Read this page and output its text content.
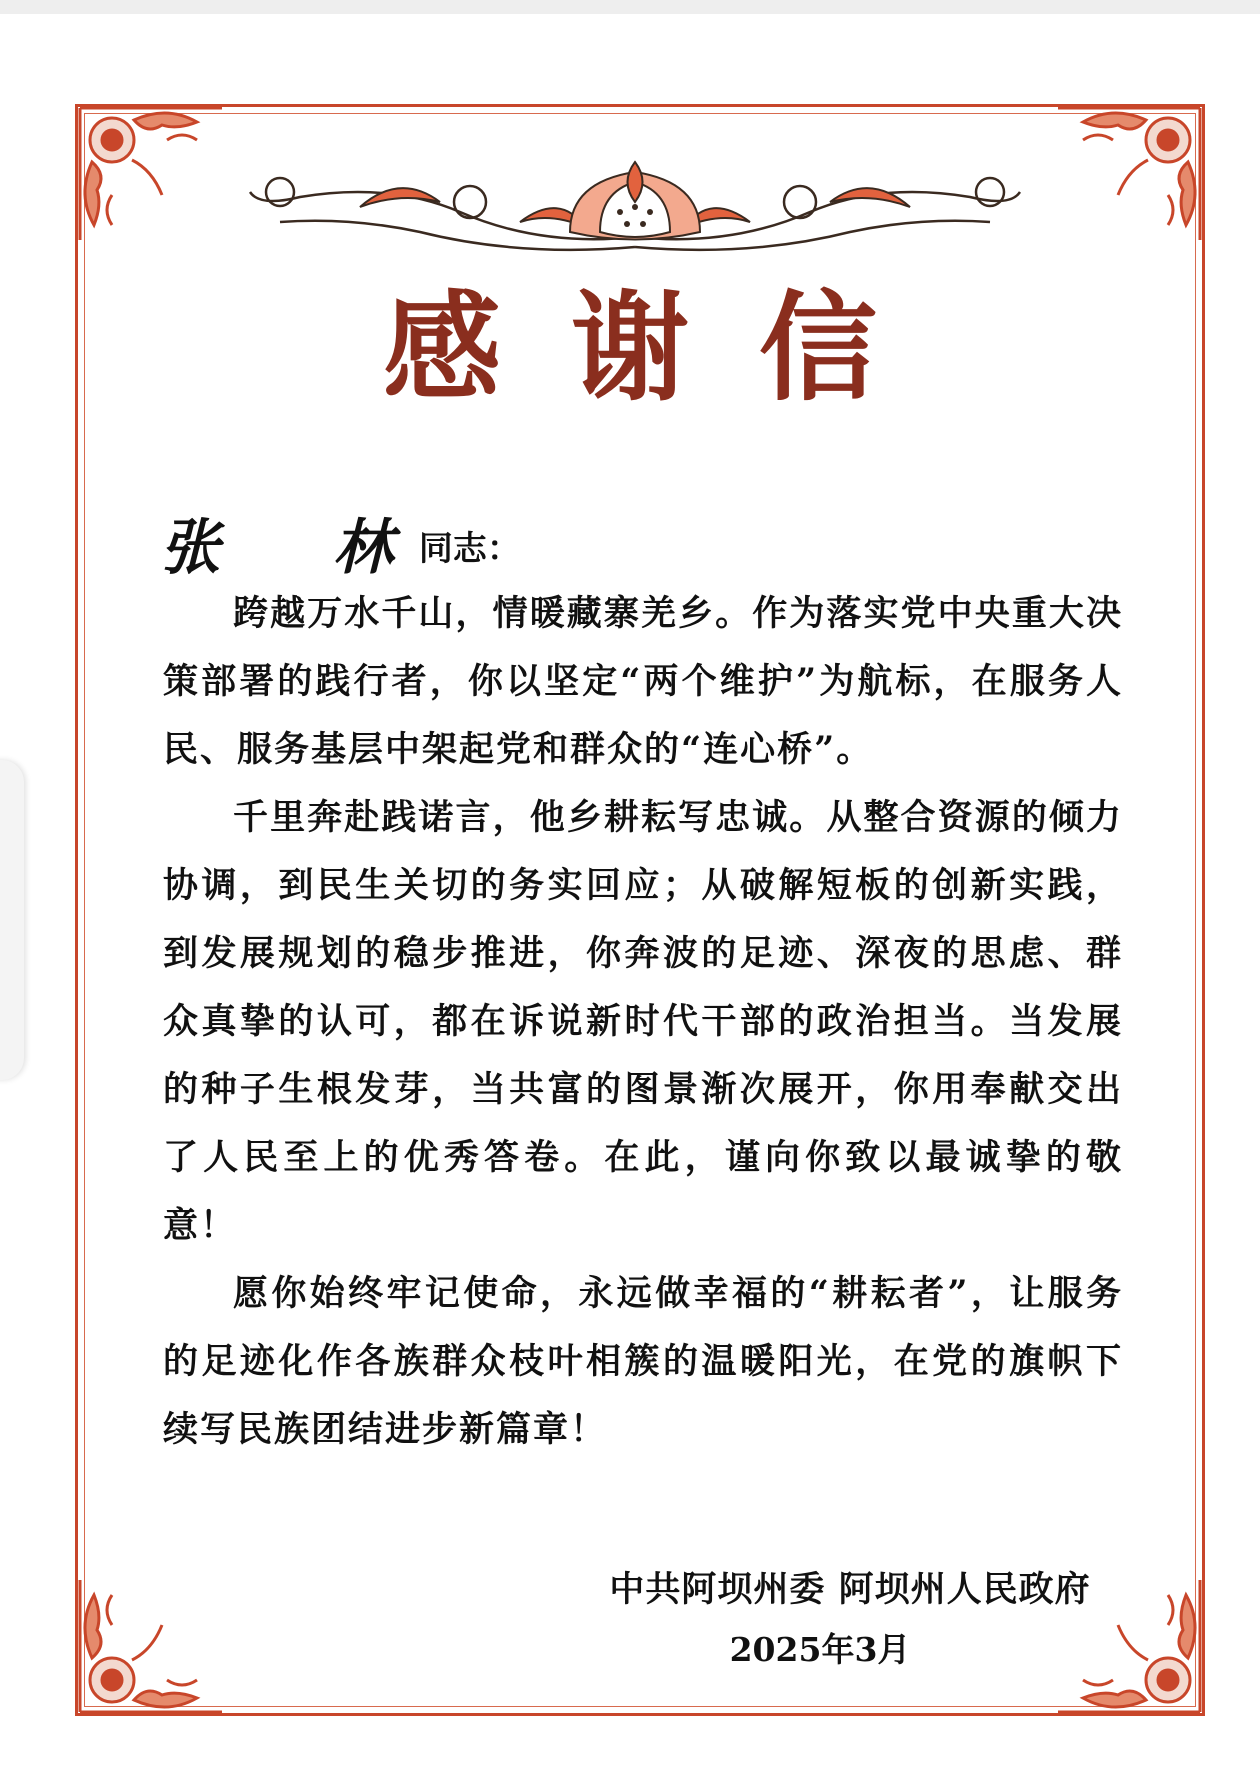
感谢信
张 林同志：

跨越万水千山，情暖藏寨羌乡。作为落实党中央重大决策部署的践行者，你以坚定“两个维护”为航标，在服务人民、服务基层中架起党和群众的“连心桥”。

千里奔赴践诺言，他乡耕耘写忠诚。从整合资源的倾力协调，到民生关切的务实回应；从破解短板的创新实践，到发展规划的稳步推进，你奔波的足迹、深夜的思虑、群众真挚的认可，都在诉说新时代干部的政治担当。当发展的种子生根发芽，当共富的图景渐次展开，你用奉献交出了人民至上的优秀答卷。在此，谨向你致以最诚挚的敬意！

愿你始终牢记使命，永远做幸福的“耕耘者”，让服务的足迹化作各族群众枝叶相簇的温暖阳光，在党的旗帜下续写民族团结进步新篇章！

中共阿坝州委 阿坝州人民政府
2025年3月
